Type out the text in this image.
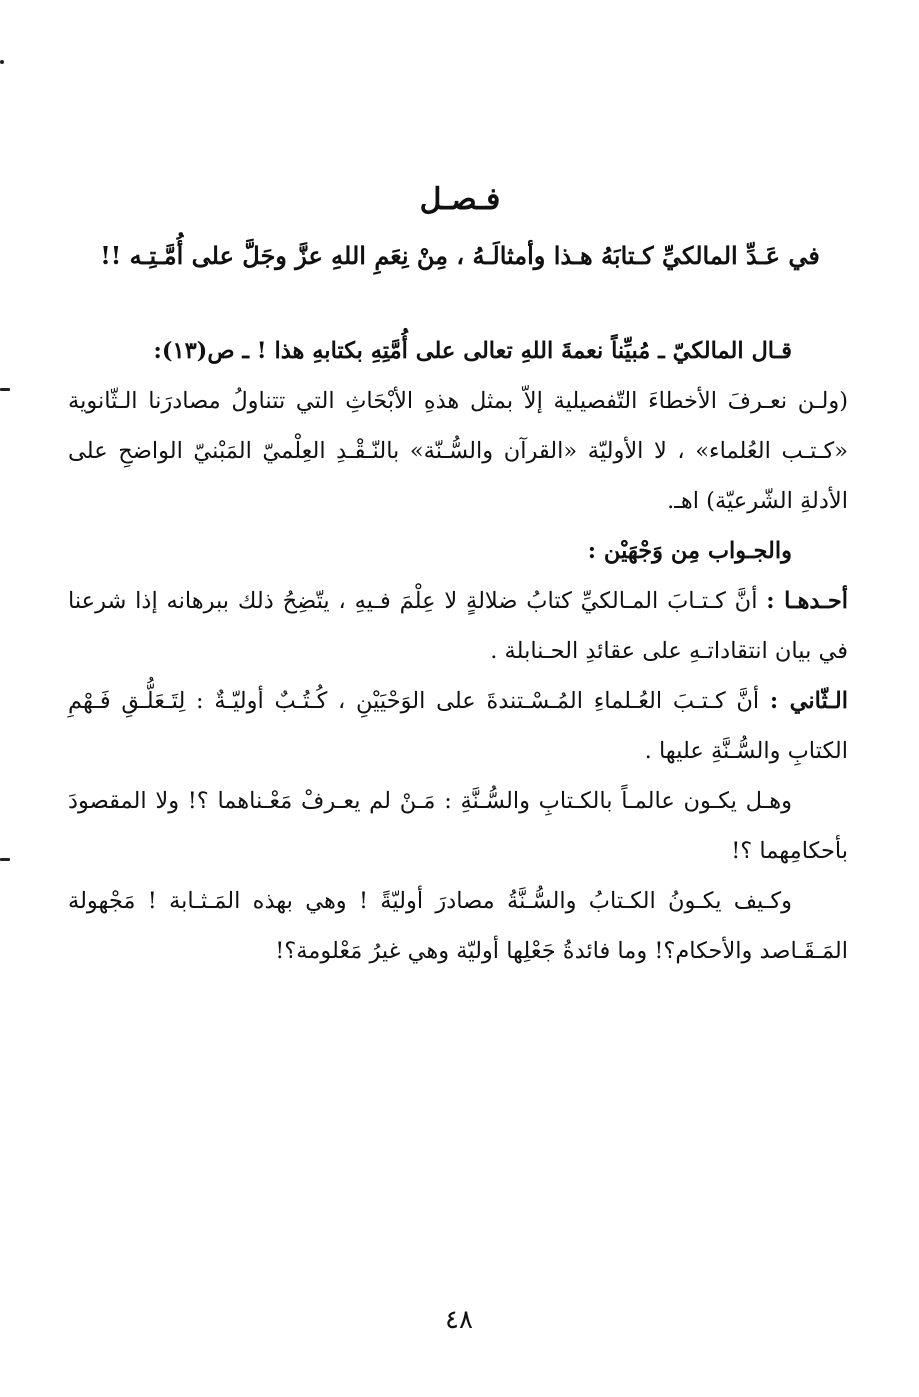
فـصـل
في عَـدِّ المالكيِّ كـتابَهُ هـذا وأمثالَـهُ ، مِنْ نِعَمِ اللهِ عزَّ وجَلَّ على أُمَّـتِـه !!

قـال المالكيّ ـ مُبيِّناً نعمةَ اللهِ تعالى على أُمَّتِهِ بكتابهِ هذا ! ـ ص(١٣):

(ولـن نعـرفَ الأخطاءَ التّفصيلية إلاّ بمثل هذهِ الأبْحَاثِ التي تتناولُ مصادرَنا الـثّانوية «كـتـب العُلماء» ، لا الأوليّة «القرآن والسُّـنّة» بالنّـقْـدِ العِلْميّ المَبْنيّ الواضحِ على الأدلةِ الشّرعيّة) اهـ.

والجـواب مِن وَجْهَيْن :

أحـدهـا : أنَّ كـتـابَ المـالكيِّ كتابُ ضلالةٍ لا عِلْمَ فـيهِ ، يتّضِحُ ذلك ببرهانه إذا شرعنا في بيان انتقاداتـهِ على عقائدِ الحـنابلة .

الـثّاني : أنَّ كـتـبَ العُـلماءِ المُـسْـتندةَ على الوَحْيَيْنِ ، كُـتُـبٌ أوليّـةٌ : لِتَـعَلُّـقِ فَـهْمِ الكتابِ والسُّـنَّةِ عليها .

وهـل يكـون عالمـاً بالكـتابِ والسُّـنَّةِ : مَـنْ لم يعـرفْ مَعْـناهما ؟! ولا المقصودَ بأحكامِهما ؟!

وكـيف يكـونُ الكـتابُ والسُّـنَّةُ مصادرَ أوليّةً ! وهي بهذه المَـثـابة ! مَجْهولة المَـقَـاصد والأحكام؟! وما فائدةُ جَعْلِها أوليّة وهي غيرُ مَعْلومة؟!

٤٨
